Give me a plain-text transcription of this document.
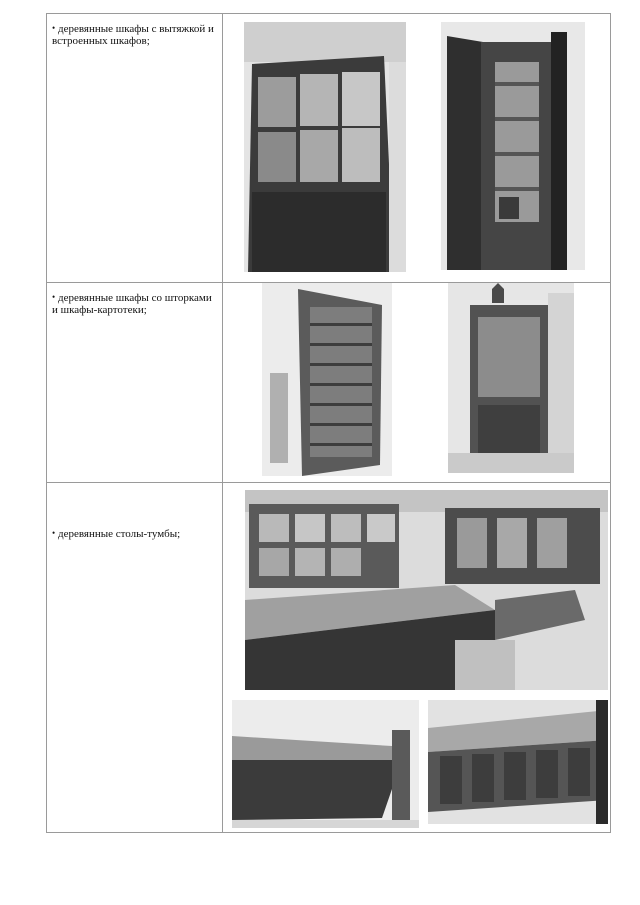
• деревянные шкафы с вытяжкой и встроенных шкафов;
• деревянные шкафы со шторками и шкафы-картотеки;
• деревянные столы-тумбы;
